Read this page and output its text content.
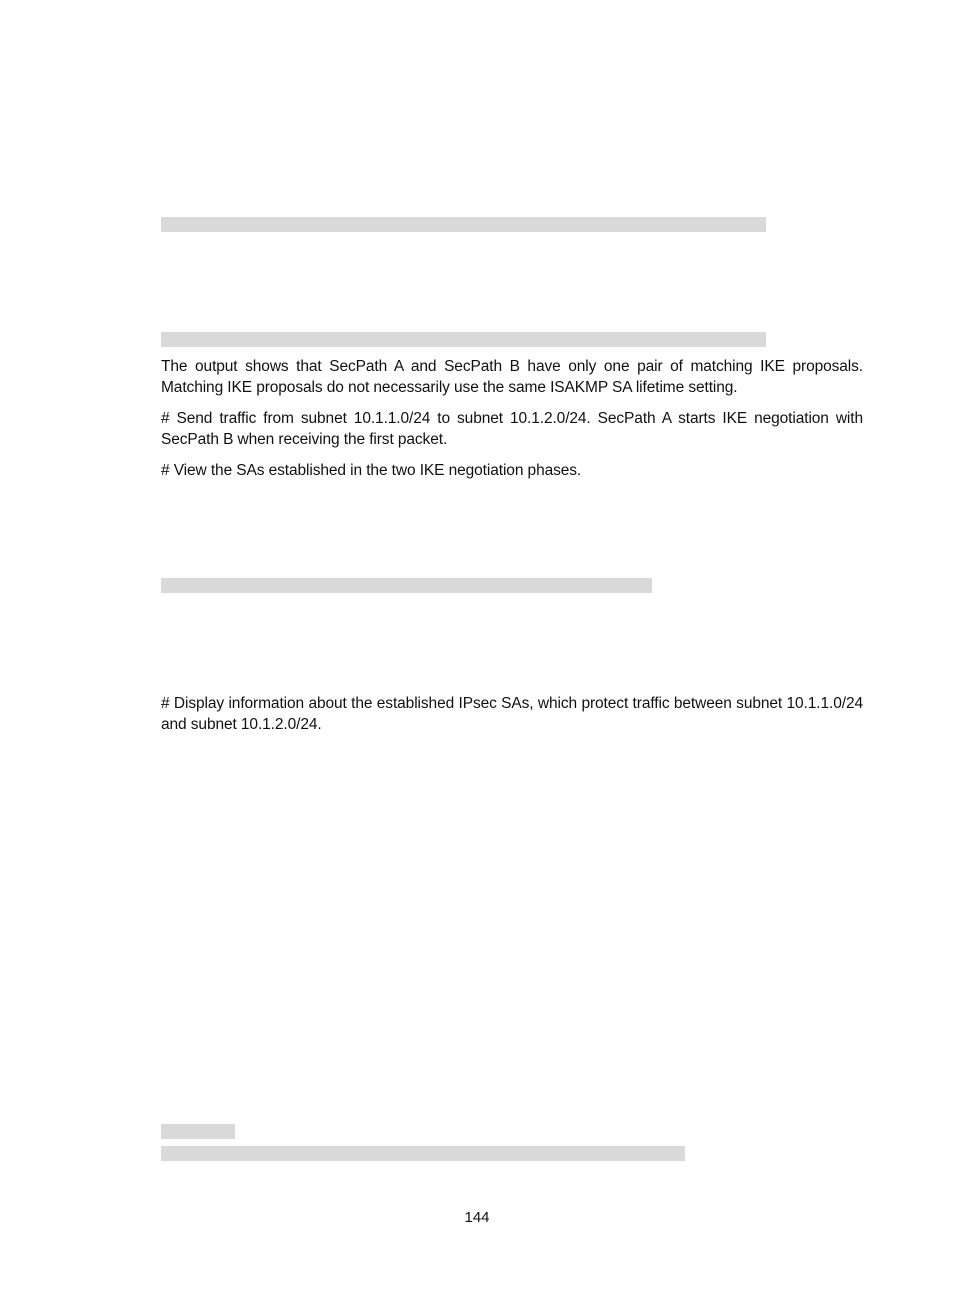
The output shows that SecPath A and SecPath B have only one pair of matching IKE proposals. Matching IKE proposals do not necessarily use the same ISAKMP SA lifetime setting.

# Send traffic from subnet 10.1.1.0/24 to subnet 10.1.2.0/24. SecPath A starts IKE negotiation with SecPath B when receiving the first packet.

# View the SAs established in the two IKE negotiation phases.

# Display information about the established IPsec SAs, which protect traffic between subnet 10.1.1.0/24 and subnet 10.1.2.0/24.

144
